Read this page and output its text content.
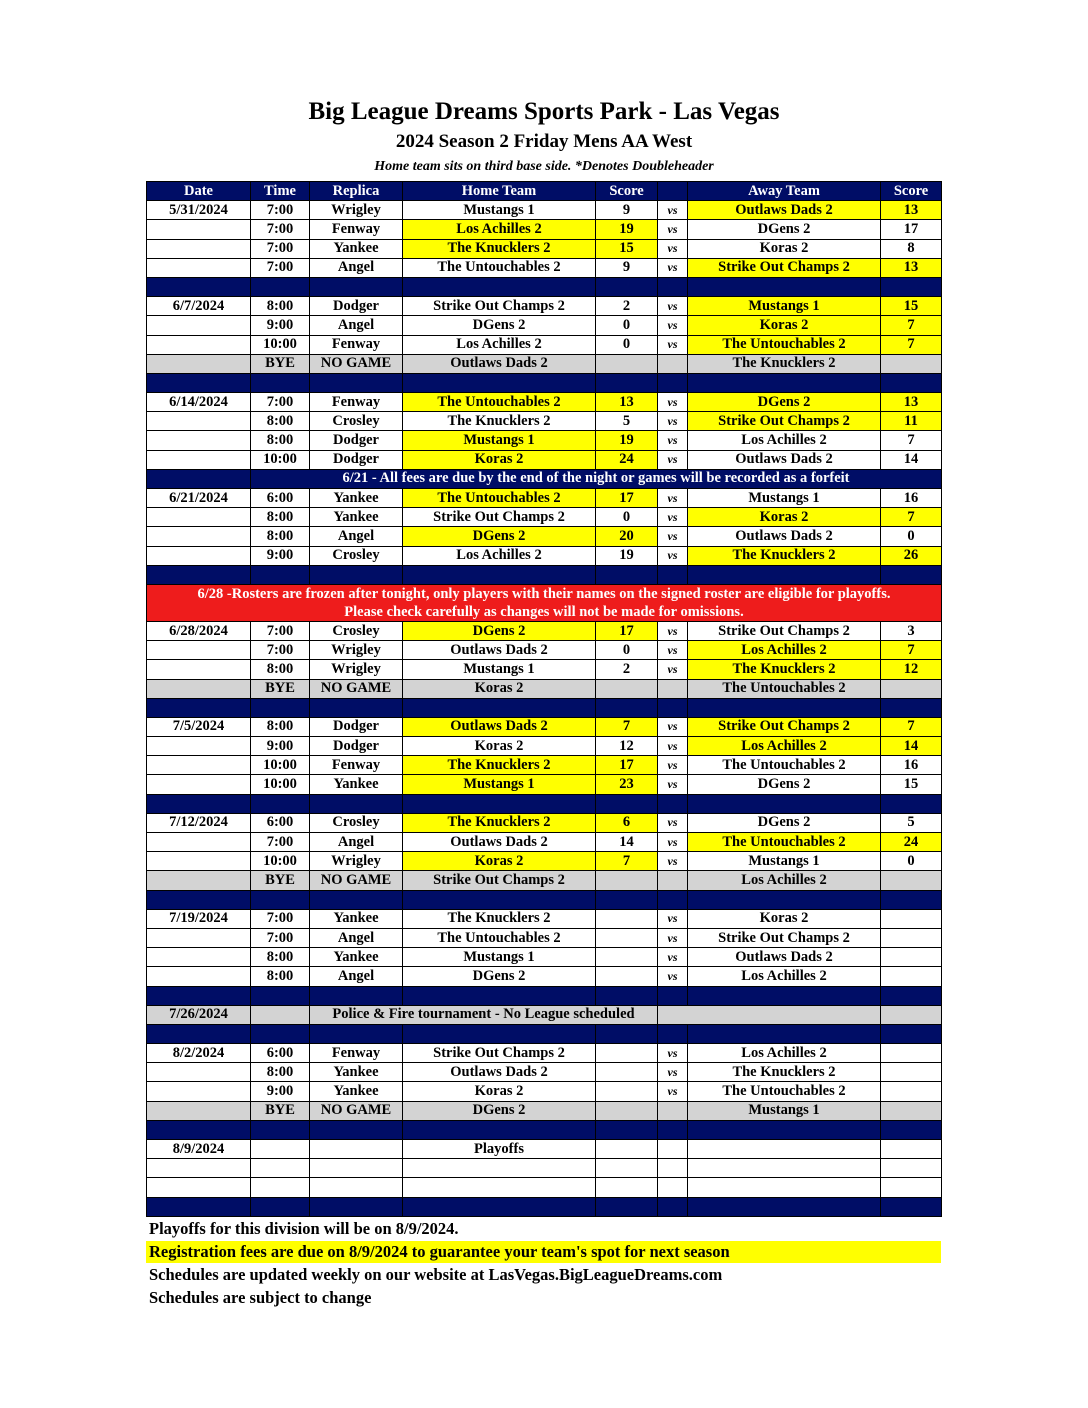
Big League Dreams Sports Park - Las Vegas
2024 Season 2 Friday Mens AA West
Home team sits on third base side. *Denotes Doubleheader
Date	Time	Replica	Home Team	Score		Away Team	Score
5/31/2024	7:00	Wrigley	Mustangs 1	9	vs	Outlaws Dads 2	13
	7:00	Fenway	Los Achilles 2	19	vs	DGens 2	17
	7:00	Yankee	The Knucklers 2	15	vs	Koras 2	8
	7:00	Angel	The Untouchables 2	9	vs	Strike Out Champs 2	13

6/7/2024	8:00	Dodger	Strike Out Champs 2	2	vs	Mustangs 1	15
	9:00	Angel	DGens 2	0	vs	Koras 2	7
	10:00	Fenway	Los Achilles 2	0	vs	The Untouchables 2	7
	BYE	NO GAME	Outlaws Dads 2			The Knucklers 2	

6/14/2024	7:00	Fenway	The Untouchables 2	13	vs	DGens 2	13
	8:00	Crosley	The Knucklers 2	5	vs	Strike Out Champs 2	11
	8:00	Dodger	Mustangs 1	19	vs	Los Achilles 2	7
	10:00	Dodger	Koras 2	24	vs	Outlaws Dads 2	14
	6/21 - All fees are due by the end of the night or games will be recorded as a forfeit						
6/21/2024	6:00	Yankee	The Untouchables 2	17	vs	Mustangs 1	16
	8:00	Yankee	Strike Out Champs 2	0	vs	Koras 2	7
	8:00	Angel	DGens 2	20	vs	Outlaws Dads 2	0
	9:00	Crosley	Los Achilles 2	19	vs	The Knucklers 2	26

6/28 -Rosters are frozen after tonight, only players with their names on the signed roster are eligible for playoffs.
Please check carefully as changes will not be made for omissions.							

6/28/2024	7:00	Crosley	DGens 2	17	vs	Strike Out Champs 2	3
	7:00	Wrigley	Outlaws Dads 2	0	vs	Los Achilles 2	7
	8:00	Wrigley	Mustangs 1	2	vs	The Knucklers 2	12
	BYE	NO GAME	Koras 2			The Untouchables 2	

7/5/2024	8:00	Dodger	Outlaws Dads 2	7	vs	Strike Out Champs 2	7
	9:00	Dodger	Koras 2	12	vs	Los Achilles 2	14
	10:00	Fenway	The Knucklers 2	17	vs	The Untouchables 2	16
	10:00	Yankee	Mustangs 1	23	vs	DGens 2	15

7/12/2024	6:00	Crosley	The Knucklers 2	6	vs	DGens 2	5
	7:00	Angel	Outlaws Dads 2	14	vs	The Untouchables 2	24
	10:00	Wrigley	Koras 2	7	vs	Mustangs 1	0
	BYE	NO GAME	Strike Out Champs 2			Los Achilles 2	

7/19/2024	7:00	Yankee	The Knucklers 2		vs	Koras 2	
	7:00	Angel	The Untouchables 2		vs	Strike Out Champs 2	
	8:00	Yankee	Mustangs 1		vs	Outlaws Dads 2	
	8:00	Angel	DGens 2		vs	Los Achilles 2	

7/26/2024		Police & Fire tournament - No League scheduled					

8/2/2024	6:00	Fenway	Strike Out Champs 2		vs	Los Achilles 2	
	8:00	Yankee	Outlaws Dads 2		vs	The Knucklers 2	
	9:00	Yankee	Koras 2		vs	The Untouchables 2	
	BYE	NO GAME	DGens 2			Mustangs 1	

8/9/2024			Playoffs				

Playoffs for this division will be on 8/9/2024.
Registration fees are due on 8/9/2024 to guarantee your team's spot for next season
Schedules are updated weekly on our website at LasVegas.BigLeagueDreams.com
Schedules are subject to change
